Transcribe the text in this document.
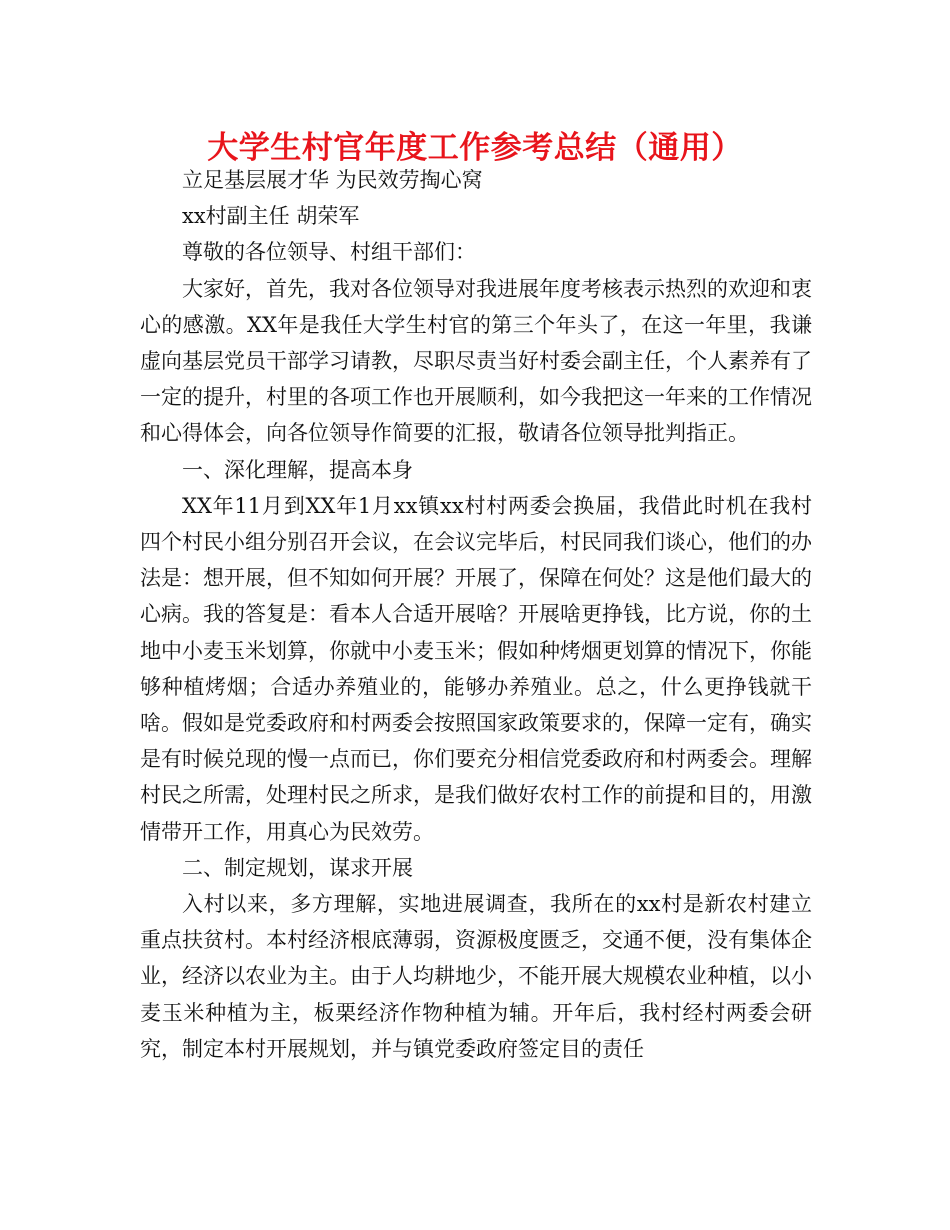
大学生村官年度工作参考总结（通用）

立足基层展才华 为民效劳掏心窝

xx村副主任 胡荣军

尊敬的各位领导、村组干部们：

大家好，首先，我对各位领导对我进展年度考核表示热烈的欢迎和衷心的感激。XX年是我任大学生村官的第三个年头了，在这一年里，我谦虚向基层党员干部学习请教，尽职尽责当好村委会副主任，个人素养有了一定的提升，村里的各项工作也开展顺利，如今我把这一年来的工作情况和心得体会，向各位领导作简要的汇报，敬请各位领导批判指正。

一、深化理解，提高本身

XX年11月到XX年1月xx镇xx村村两委会换届，我借此时机在我村四个村民小组分别召开会议，在会议完毕后，村民同我们谈心，他们的办法是：想开展，但不知如何开展？开展了，保障在何处？这是他们最大的心病。我的答复是：看本人合适开展啥？开展啥更挣钱，比方说，你的土地中小麦玉米划算，你就中小麦玉米；假如种烤烟更划算的情况下，你能够种植烤烟；合适办养殖业的，能够办养殖业。总之，什么更挣钱就干啥。假如是党委政府和村两委会按照国家政策要求的，保障一定有，确实是有时候兑现的慢一点而已，你们要充分相信党委政府和村两委会。理解村民之所需，处理村民之所求，是我们做好农村工作的前提和目的，用激情带开工作，用真心为民效劳。

二、制定规划，谋求开展

入村以来，多方理解，实地进展调查，我所在的xx村是新农村建立重点扶贫村。本村经济根底薄弱，资源极度匮乏，交通不便，没有集体企业，经济以农业为主。由于人均耕地少，不能开展大规模农业种植，以小麦玉米种植为主，板栗经济作物种植为辅。开年后，我村经村两委会研究，制定本村开展规划，并与镇党委政府签定目的责任
